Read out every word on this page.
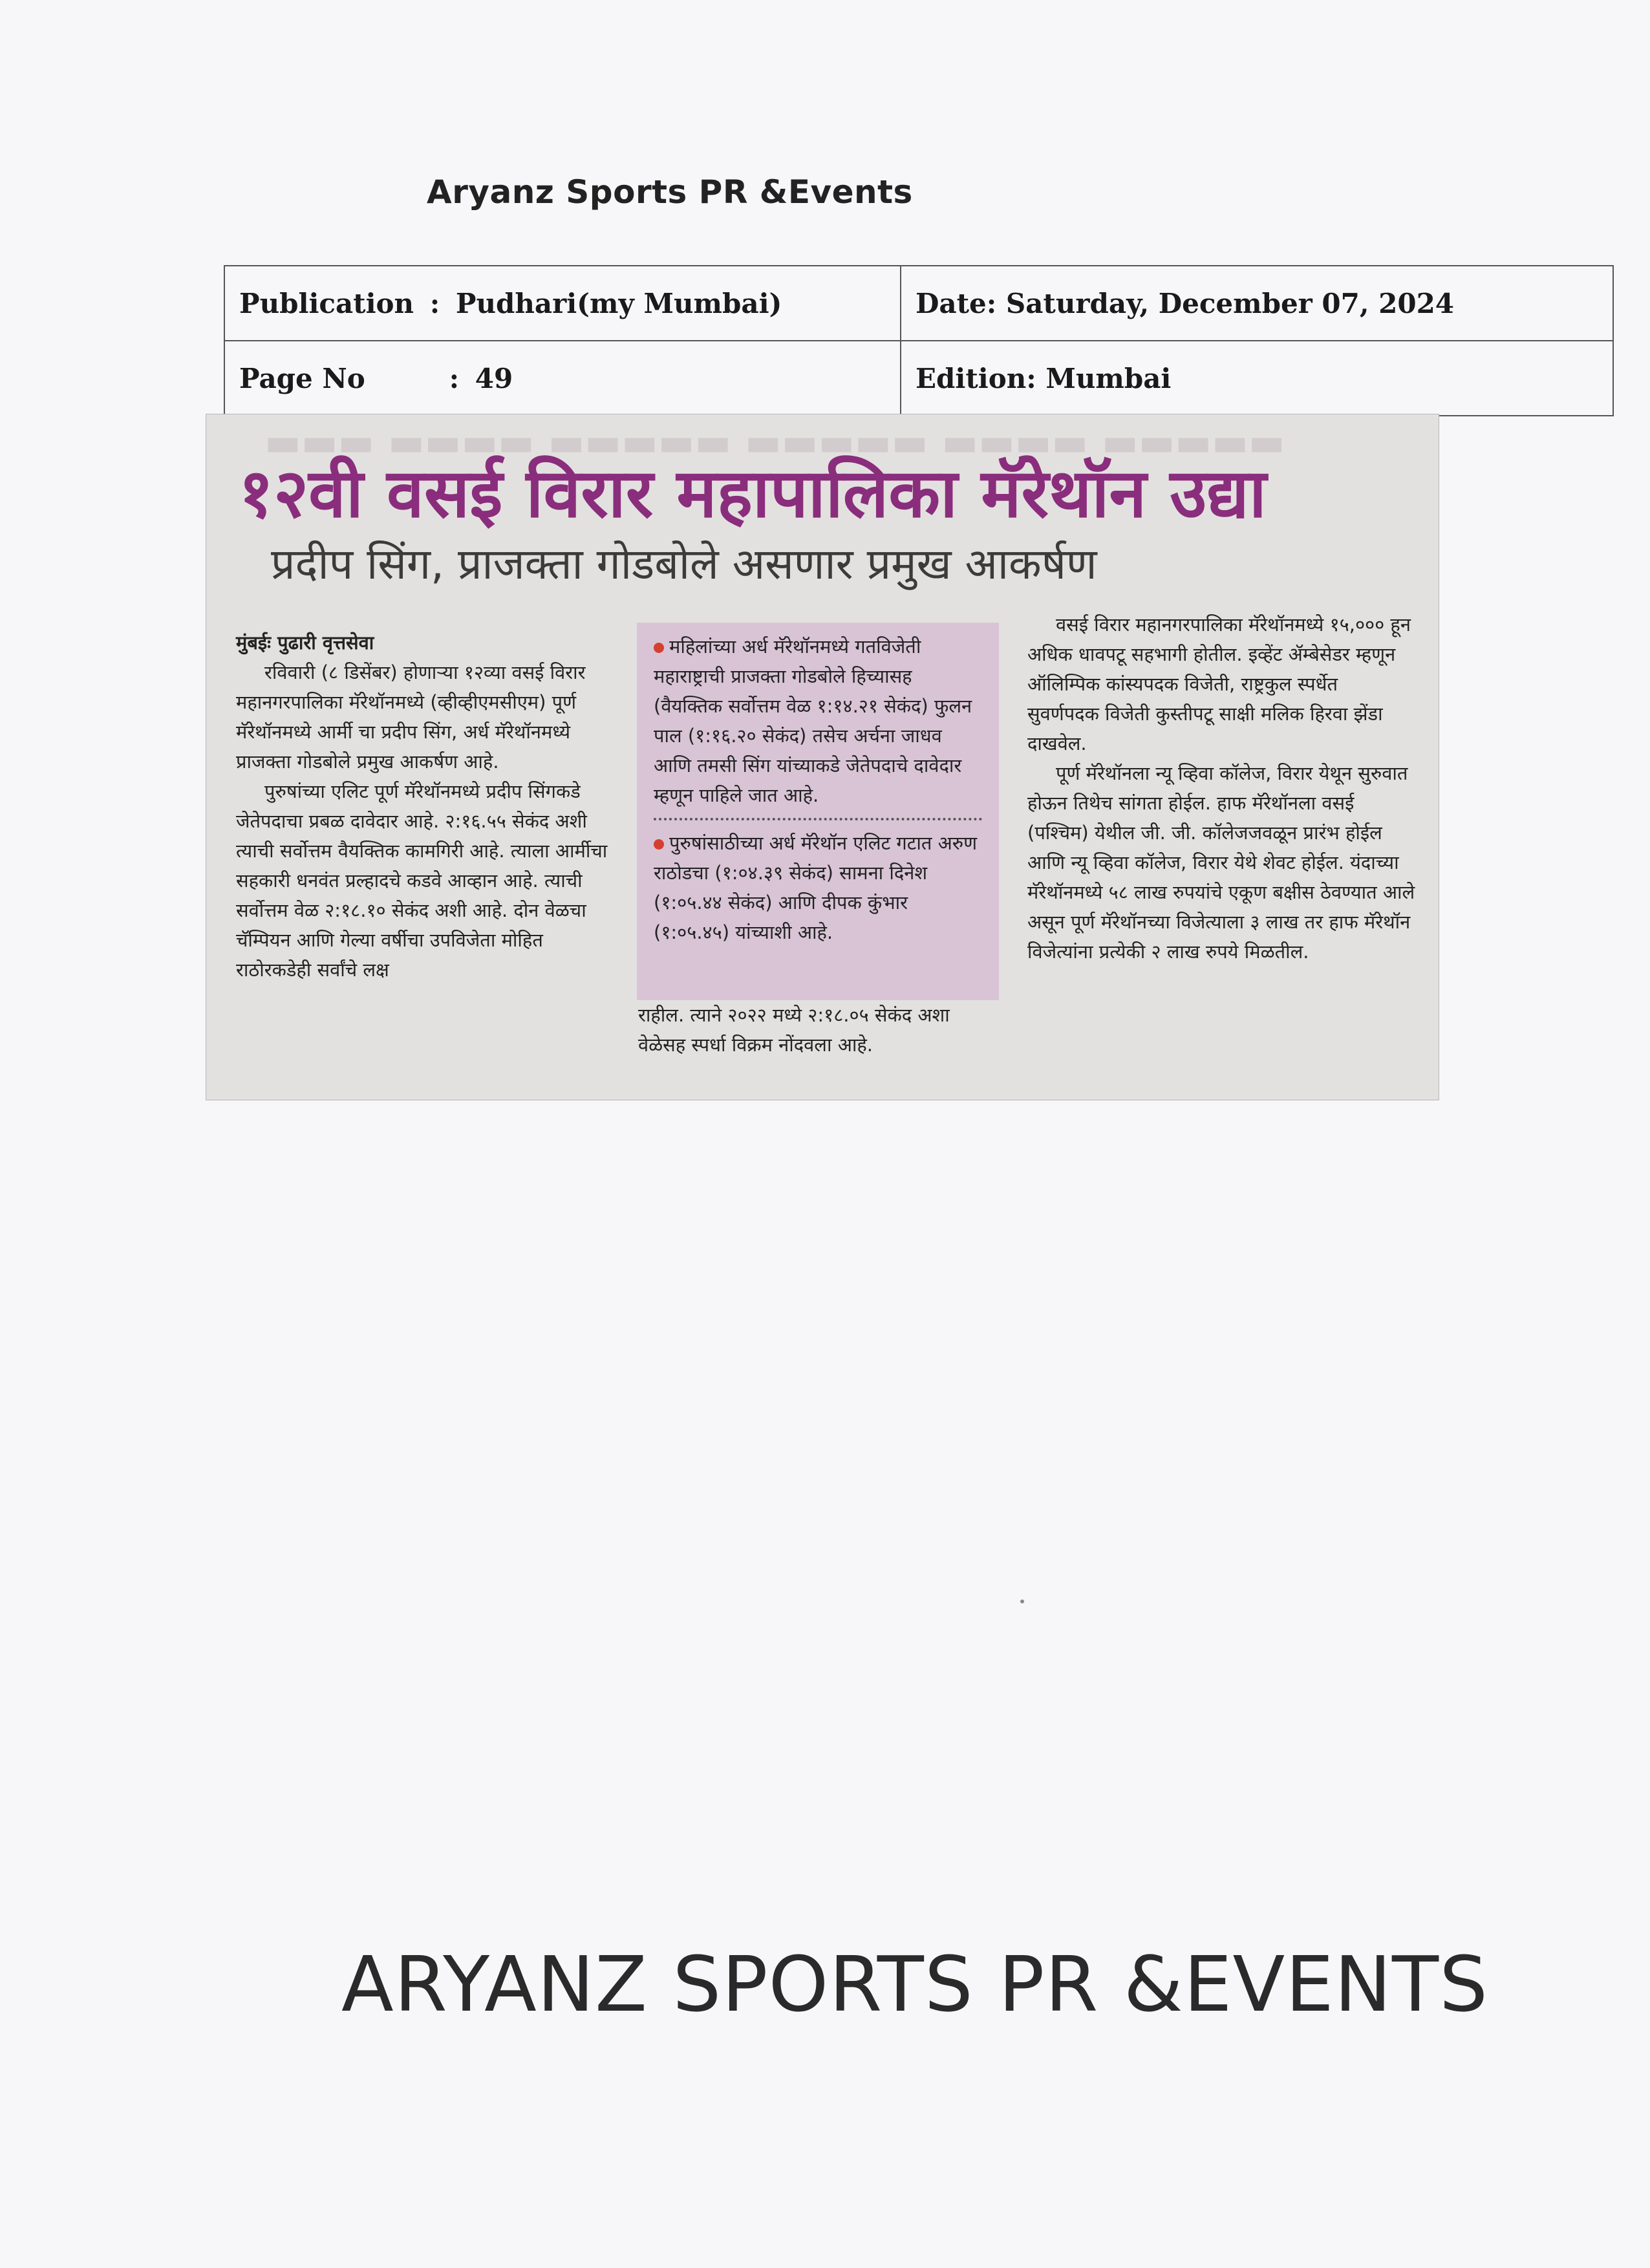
Aryanz Sports PR &Events
Publication : Pudhari(my Mumbai)	Date: Saturday, December 07, 2024
Page No : 49	Edition: Mumbai
▬▬▬ ▬▬▬▬ ▬▬▬▬▬ ▬▬▬▬▬ ▬▬▬▬ ▬▬▬▬▬
१२वी वसई विरार महापालिका मॅरेथॉन उद्या
प्रदीप सिंग, प्राजक्ता गोडबोले असणार प्रमुख आकर्षण

मुंबईः पुढारी वृत्तसेवा

रविवारी (८ डिसेंबर) होणाऱ्या १२व्या वसई विरार महानगरपालिका मॅरेथॉनमध्ये (व्हीव्हीएमसीएम) पूर्ण मॅरेथॉनमध्ये आर्मी चा प्रदीप सिंग, अर्ध मॅरेथॉनमध्ये प्राजक्ता गोडबोले प्रमुख आकर्षण आहे.

पुरुषांच्या एलिट पूर्ण मॅरेथॉनमध्ये प्रदीप सिंगकडे जेतेपदाचा प्रबळ दावेदार आहे. २:१६.५५ सेकंद अशी त्याची सर्वोत्तम वैयक्तिक कामगिरी आहे. त्याला आर्मीचा सहकारी धनवंत प्रल्हादचे कडवे आव्हान आहे. त्याची सर्वोत्तम वेळ २:१८.१० सेकंद अशी आहे. दोन वेळचा चॅम्पियन आणि गेल्या वर्षीचा उपविजेता मोहित राठोरकडेही सर्वांचे लक्ष

महिलांच्या अर्ध मॅरेथॉनमध्ये गतविजेती महाराष्ट्राची प्राजक्ता गोडबोले हिच्यासह (वैयक्तिक सर्वोत्तम वेळ १:१४.२१ सेकंद) फुलन पाल (१:१६.२० सेकंद) तसेच अर्चना जाधव आणि तमसी सिंग यांच्याकडे जेतेपदाचे दावेदार म्हणून पाहिले जात आहे.

पुरुषांसाठीच्या अर्ध मॅरेथॉन एलिट गटात अरुण राठोडचा (१:०४.३९ सेकंद) सामना दिनेश (१:०५.४४ सेकंद) आणि दीपक कुंभार (१:०५.४५) यांच्याशी आहे.

राहील. त्याने २०२२ मध्ये २:१८.०५ सेकंद अशा वेळेसह स्पर्धा विक्रम नोंदवला आहे.

वसई विरार महानगरपालिका मॅरेथॉनमध्ये १५,००० हून अधिक धावपटू सहभागी होतील. इव्हेंट ॲम्बेसेडर म्हणून ऑलिम्पिक कांस्यपदक विजेती, राष्ट्रकुल स्पर्धेत सुवर्णपदक विजेती कुस्तीपटू साक्षी मलिक हिरवा झेंडा दाखवेल.

पूर्ण मॅरेथॉनला न्यू व्हिवा कॉलेज, विरार येथून सुरुवात होऊन तिथेच सांगता होईल. हाफ मॅरेथॉनला वसई (पश्चिम) येथील जी. जी. कॉलेजजवळून प्रारंभ होईल आणि न्यू व्हिवा कॉलेज, विरार येथे शेवट होईल. यंदाच्या मॅरेथॉनमध्ये ५८ लाख रुपयांचे एकूण बक्षीस ठेवण्यात आले असून पूर्ण मॅरेथॉनच्या विजेत्याला ३ लाख तर हाफ मॅरेथॉन विजेत्यांना प्रत्येकी २ लाख रुपये मिळतील.

ARYANZ SPORTS PR &EVENTS
